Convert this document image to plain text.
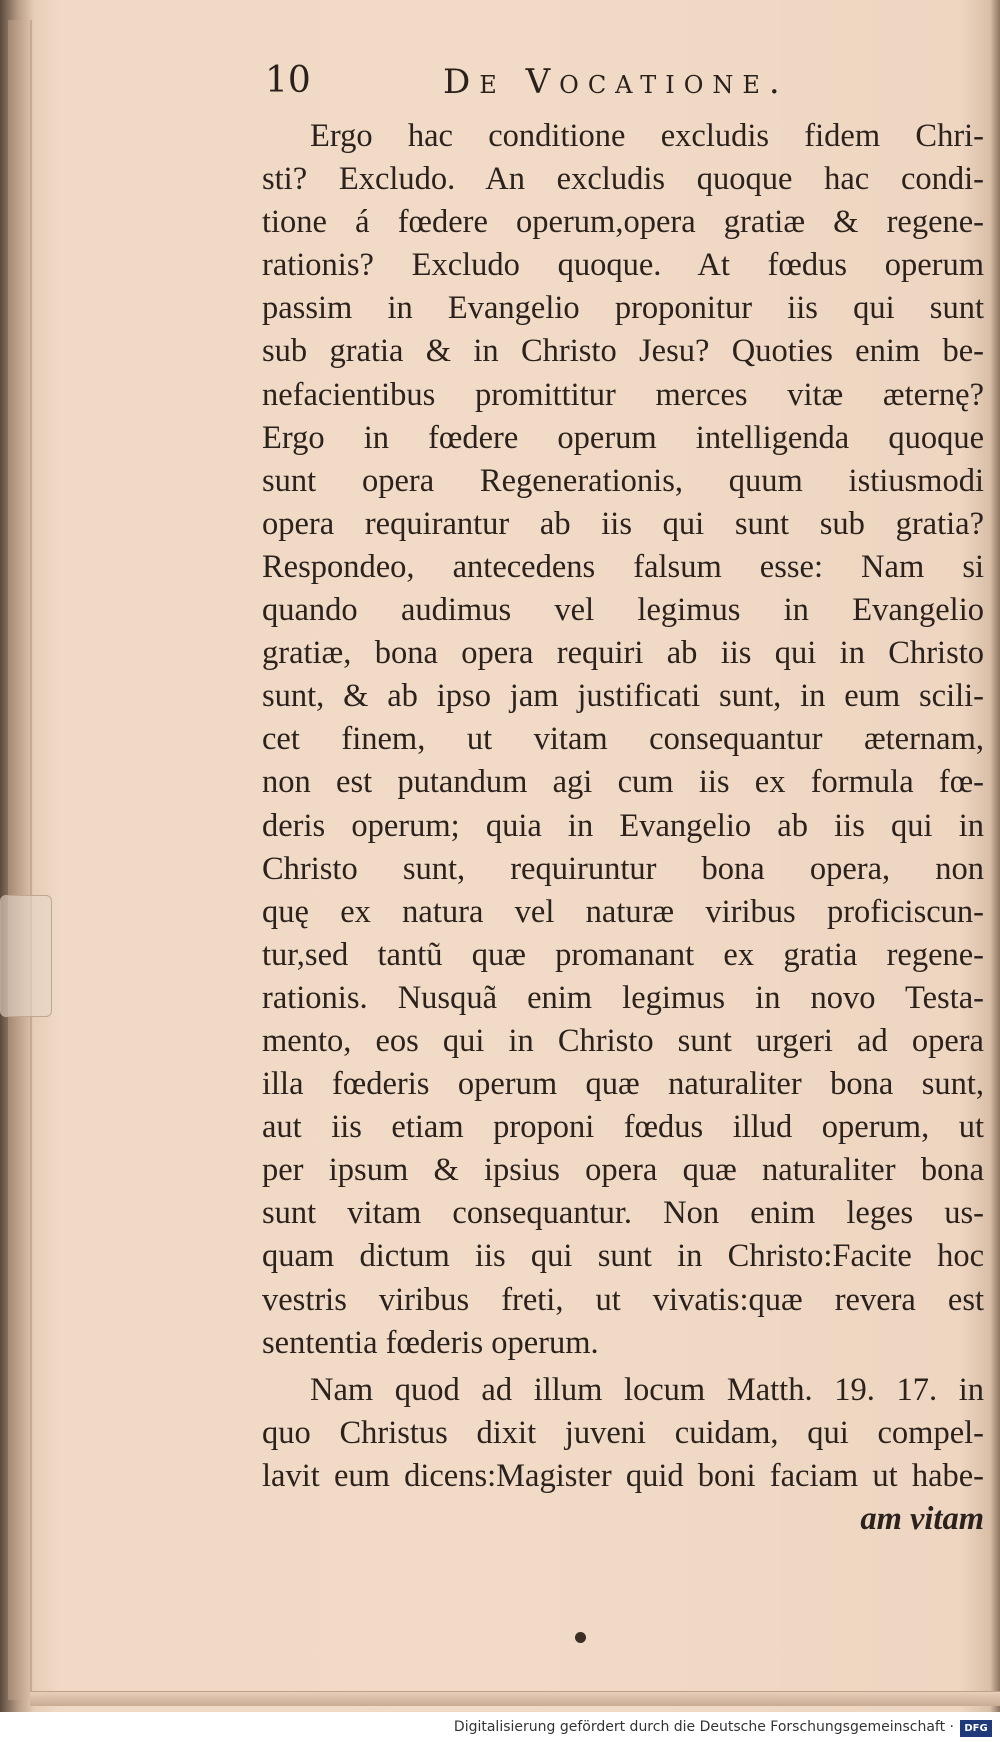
10	De Vocatione.
Ergo hac conditione excludis fidem Chri-
sti? Excludo. An excludis quoque hac condi-
tione á fœdere operum,opera gratiæ & regene-
rationis? Excludo quoque. At fœdus operum
passim in Evangelio proponitur iis qui sunt
sub gratia & in Christo Jesu? Quoties enim be-
nefacientibus promittitur merces vitæ æternę?
Ergo in fœdere operum intelligenda quoque
sunt opera Regenerationis, quum istiusmodi
opera requirantur ab iis qui sunt sub gratia?
Respondeo, antecedens falsum esse: Nam si
quando audimus vel legimus in Evangelio
gratiæ, bona opera requiri ab iis qui in Christo
sunt, & ab ipso jam justificati sunt, in eum scili-
cet finem, ut vitam consequantur æternam,
non est putandum agi cum iis ex formula fœ-
deris operum; quia in Evangelio ab iis qui in
Christo sunt, requiruntur bona opera, non
quę ex natura vel naturæ viribus proficiscun-
tur,sed tantũ quæ promanant ex gratia regene-
rationis. Nusquã enim legimus in novo Testa-
mento, eos qui in Christo sunt urgeri ad opera
illa fœderis operum quæ naturaliter bona sunt,
aut iis etiam proponi fœdus illud operum, ut
per ipsum & ipsius opera quæ naturaliter bona
sunt vitam consequantur. Non enim leges us-
quam dictum iis qui sunt in Christo:Facite hoc
vestris viribus freti, ut vivatis:quæ revera est
sententia fœderis operum.
Nam quod ad illum locum Matth. 19. 17. in
quo Christus dixit juveni cuidam, qui compel-
lavit eum dicens:Magister quid boni faciam ut habe-
am vitam
Digitalisierung gefördert durch die Deutsche Forschungsgemeinschaft ·	DFG
